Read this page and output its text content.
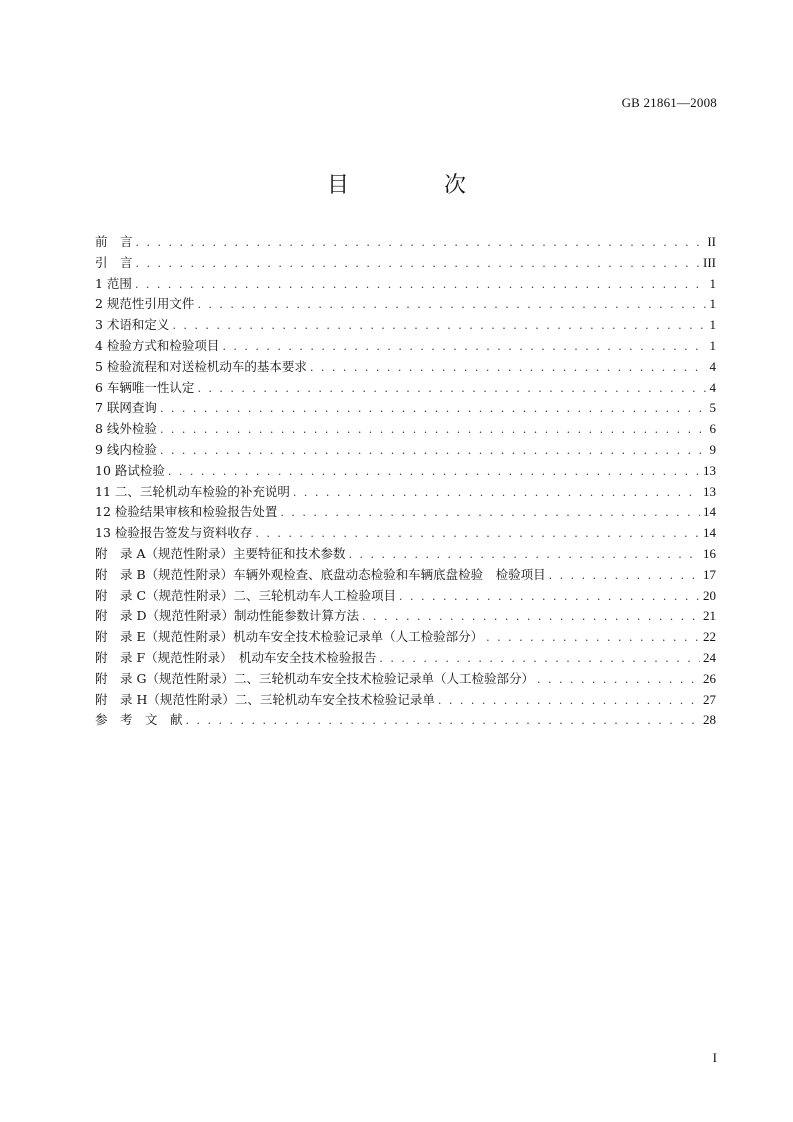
GB 21861—2008
目 次
前　言 . . .	II
引　言 . . .	III
1 范围 . . .	1
2 规范性引用文件 . . .	1
3 术语和定义 . . .	1
4 检验方式和检验项目 . . .	1
5 检验流程和对送检机动车的基本要求 . . .	4
6 车辆唯一性认定 . . .	4
7 联网查询 . . .	5
8 线外检验 . . .	6
9 线内检验 . . .	9
10 路试检验 . . .	13
11 二、三轮机动车检验的补充说明 . . .	13
12 检验结果审核和检验报告处置 . . .	14
13 检验报告签发与资料收存 . . .	14
附　录 A（规范性附录）主要特征和技术参数 . . .	16
附　录 B（规范性附录）车辆外观检查、底盘动态检验和车辆底盘检验　检验项目 . . .	17
附　录 C（规范性附录）二、三轮机动车人工检验项目 . . .	20
附　录 D（规范性附录）制动性能参数计算方法 . . .	21
附　录 E（规范性附录）机动车安全技术检验记录单（人工检验部分） . . .	22
附　录 F（规范性附录）　机动车安全技术检验报告 . . .	24
附　录 G（规范性附录）二、三轮机动车安全技术检验记录单（人工检验部分） . . .	26
附　录 H（规范性附录）二、三轮机动车安全技术检验记录单 . . .	27
参　考　文　献 . . .	28
I
